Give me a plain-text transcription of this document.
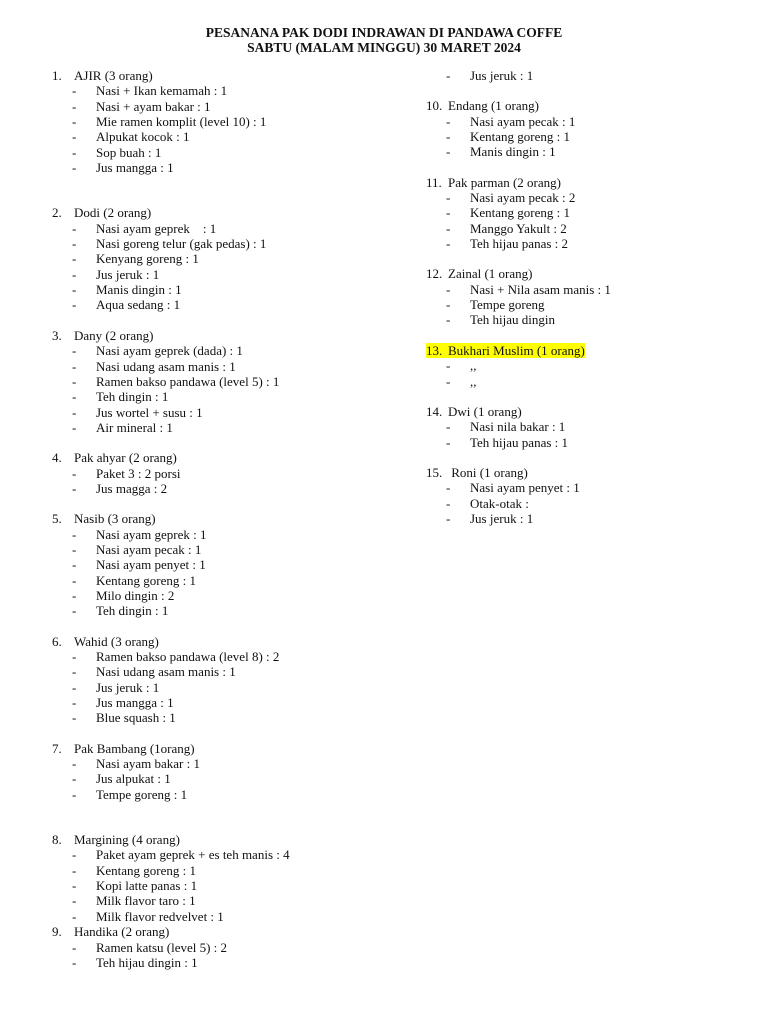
PESANANA PAK DODI INDRAWAN DI PANDAWA COFFE
SABTU (MALAM MINGGU) 30 MARET 2024
1. AJIR (3 orang)
-	Nasi + Ikan kemamah : 1
-	Nasi + ayam bakar : 1
-	Mie ramen komplit (level 10) : 1
-	Alpukat kocok : 1
-	Sop buah : 1
-	Jus mangga : 1
2. Dodi (2 orang)
-	Nasi ayam geprek    : 1
-	Nasi goreng telur (gak pedas) : 1
-	Kenyang goreng : 1
-	Jus jeruk : 1
-	Manis dingin : 1
-	Aqua sedang : 1
3. Dany (2 orang)
-	Nasi ayam geprek (dada) : 1
-	Nasi udang asam manis : 1
-	Ramen bakso pandawa (level 5) : 1
-	Teh dingin : 1
-	Jus wortel + susu : 1
-	Air mineral : 1
4. Pak ahyar (2 orang)
-	Paket 3 : 2 porsi
-	Jus magga : 2
5. Nasib (3 orang)
-	Nasi ayam geprek : 1
-	Nasi ayam pecak : 1
-	Nasi ayam penyet : 1
-	Kentang goreng : 1
-	Milo dingin : 2
-	Teh dingin : 1
6. Wahid (3 orang)
-	Ramen bakso pandawa (level 8) : 2
-	Nasi udang asam manis : 1
-	Jus jeruk : 1
-	Jus mangga : 1
-	Blue squash : 1
7. Pak Bambang (1orang)
-	Nasi ayam bakar : 1
-	Jus alpukat : 1
-	Tempe goreng : 1
8. Margining (4 orang)
-	Paket ayam geprek + es teh manis : 4
-	Kentang goreng : 1
-	Kopi latte panas : 1
-	Milk flavor taro : 1
-	Milk flavor redvelvet : 1
9. Handika (2 orang)
-	Ramen katsu (level 5) : 2
-	Teh hijau dingin : 1
-	Jus jeruk : 1
10. Endang (1 orang)
-	Nasi ayam pecak : 1
-	Kentang goreng : 1
-	Manis dingin : 1
11. Pak parman (2 orang)
-	Nasi ayam pecak : 2
-	Kentang goreng : 1
-	Manggo Yakult : 2
-	Teh hijau panas : 2
12. Zainal (1 orang)
-	Nasi + Nila asam manis : 1
-	Tempe goreng
-	Teh hijau dingin
13. Bukhari Muslim (1 orang)
-	,,
-	,,
14. Dwi (1 orang)
-	Nasi nila bakar : 1
-	Teh hijau panas : 1
15. Roni (1 orang)
-	Nasi ayam penyet : 1
-	Otak-otak :
-	Jus jeruk : 1
